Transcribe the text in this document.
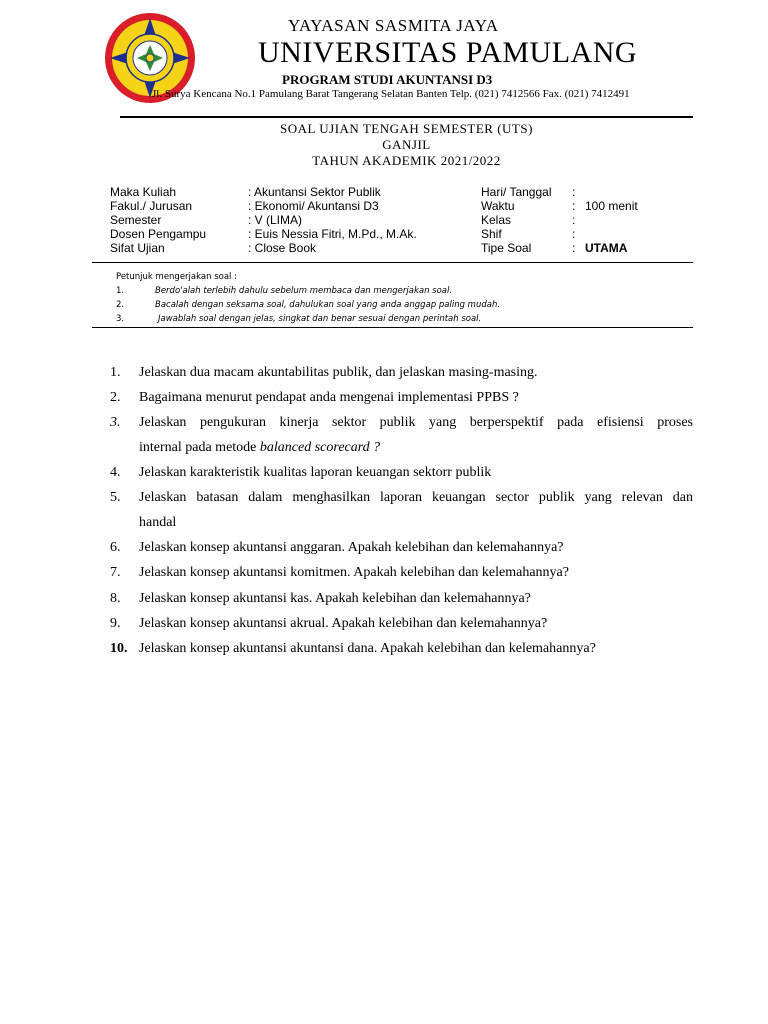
YAYASAN SASMITA JAYA
UNIVERSITAS PAMULANG
PROGRAM STUDI AKUNTANSI D3
Jl. Surya Kencana No.1 Pamulang Barat Tangerang Selatan Banten Telp. (021) 7412566 Fax. (021) 7412491
SOAL UJIAN TENGAH SEMESTER (UTS)
GANJIL
TAHUN AKADEMIK 2021/2022
Maka Kuliah	: Akuntansi Sektor Publik
Fakul./ Jurusan	: Ekonomi/ Akuntansi D3
Semester	: V (LIMA)
Dosen Pengampu	: Euis Nessia Fitri, M.Pd., M.Ak.
Sifat Ujian	: Close Book
Hari/ Tanggal :
Waktu	: 100 menit
Kelas	:
Shif	:
Tipe Soal	: UTAMA
Petunjuk mengerjakan soal :
1.	Berdo'alah terlebih dahulu sebelum membaca dan mengerjakan soal.
2.	Bacalah dengan seksama soal, dahulukan soal yang anda anggap paling mudah.
3.	Jawablah soal dengan jelas, singkat dan benar sesuai dengan perintah soal.
1.	Jelaskan dua macam akuntabilitas publik, dan jelaskan masing-masing.
2.	Bagaimana menurut pendapat anda mengenai implementasi PPBS ?
3.	Jelaskan pengukuran kinerja sektor publik yang berperspektif pada efisiensi proses
internal pada metode balanced scorecard ?
4.	Jelaskan karakteristik kualitas laporan keuangan sektorr publik
5.	Jelaskan batasan dalam menghasilkan laporan keuangan sector publik yang relevan dan
handal
6.	Jelaskan konsep akuntansi anggaran. Apakah kelebihan dan kelemahannya?
7.	Jelaskan konsep akuntansi komitmen. Apakah kelebihan dan kelemahannya?
8.	Jelaskan konsep akuntansi kas. Apakah kelebihan dan kelemahannya?
9.	Jelaskan konsep akuntansi akrual. Apakah kelebihan dan kelemahannya?
10. Jelaskan konsep akuntansi akuntansi dana. Apakah kelebihan dan kelemahannya?
